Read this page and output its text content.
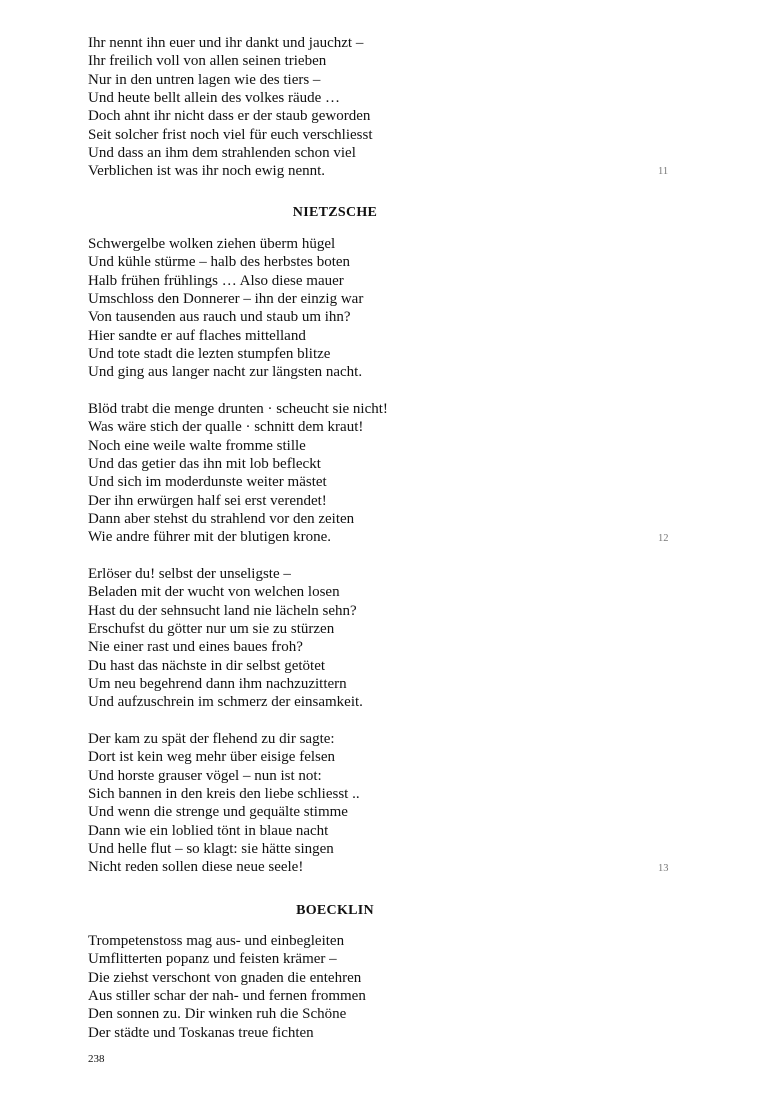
Ihr nennt ihn euer und ihr dankt und jauchzt –
Ihr freilich voll von allen seinen trieben
Nur in den untren lagen wie des tiers –
Und heute bellt allein des volkes räude …
Doch ahnt ihr nicht dass er der staub geworden
Seit solcher frist noch viel für euch verschliesst
Und dass an ihm dem strahlenden schon viel
Verblichen ist was ihr noch ewig nennt.	11
NIETZSCHE
Schwergelbe wolken ziehen überm hügel
Und kühle stürme – halb des herbstes boten
Halb frühen frühlings … Also diese mauer
Umschloss den Donnerer – ihn der einzig war
Von tausenden aus rauch und staub um ihn?
Hier sandte er auf flaches mittelland
Und tote stadt die lezten stumpfen blitze
Und ging aus langer nacht zur längsten nacht.
Blöd trabt die menge drunten · scheucht sie nicht!
Was wäre stich der qualle · schnitt dem kraut!
Noch eine weile walte fromme stille
Und das getier das ihn mit lob befleckt
Und sich im moderdunste weiter mästet
Der ihn erwürgen half sei erst verendet!
Dann aber stehst du strahlend vor den zeiten
Wie andre führer mit der blutigen krone.	12
Erlöser du! selbst der unseligste –
Beladen mit der wucht von welchen losen
Hast du der sehnsucht land nie lächeln sehn?
Erschufst du götter nur um sie zu stürzen
Nie einer rast und eines baues froh?
Du hast das nächste in dir selbst getötet
Um neu begehrend dann ihm nachzuzittern
Und aufzuschrein im schmerz der einsamkeit.
Der kam zu spät der flehend zu dir sagte:
Dort ist kein weg mehr über eisige felsen
Und horste grauser vögel – nun ist not:
Sich bannen in den kreis den liebe schliesst ..
Und wenn die strenge und gequälte stimme
Dann wie ein loblied tönt in blaue nacht
Und helle flut – so klagt: sie hätte singen
Nicht reden sollen diese neue seele!	13
BOECKLIN
Trompetenstoss mag aus- und einbegleiten
Umflitterten popanz und feisten krämer –
Die ziehst verschont von gnaden die entehren
Aus stiller schar der nah- und fernen frommen
Den sonnen zu. Dir winken ruh die Schöne
Der städte und Toskanas treue fichten
238
